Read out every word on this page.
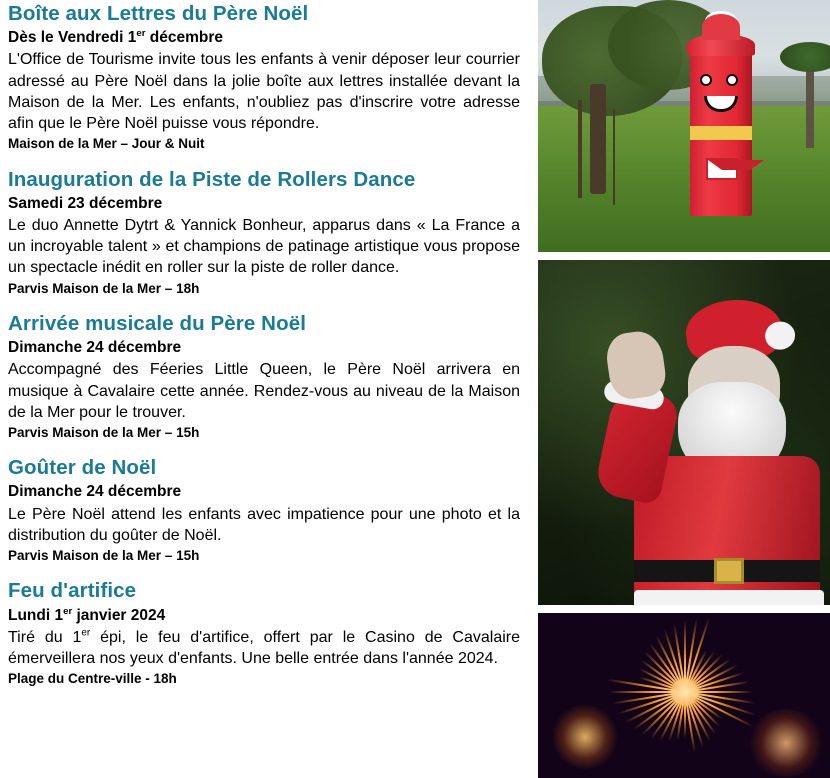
Boîte aux Lettres du Père Noël

Dès le Vendredi 1er décembre

L'Office de Tourisme invite tous les enfants à venir déposer leur courrier adressé au Père Noël dans la jolie boîte aux lettres installée devant la Maison de la Mer. Les enfants, n'oubliez pas d'inscrire votre adresse afin que le Père Noël puisse vous répondre.

Maison de la Mer – Jour & Nuit

Inauguration de la Piste de Rollers Dance

Samedi 23 décembre

Le duo Annette Dytrt & Yannick Bonheur, apparus dans « La France a un incroyable talent » et champions de patinage artistique vous propose un spectacle inédit en roller sur la piste de roller dance.

Parvis Maison de la Mer – 18h

Arrivée musicale du Père Noël

Dimanche 24 décembre

Accompagné des Féeries Little Queen, le Père Noël arrivera en musique à Cavalaire cette année. Rendez-vous au niveau de la Maison de la Mer pour le trouver.

Parvis Maison de la Mer – 15h

Goûter de Noël

Dimanche 24 décembre

Le Père Noël attend les enfants avec impatience pour une photo et la distribution du goûter de Noël.

Parvis Maison de la Mer – 15h

Feu d'artifice

Lundi 1er janvier 2024

Tiré du 1er épi, le feu d'artifice, offert par le Casino de Cavalaire émerveillera nos yeux d'enfants. Une belle entrée dans l'année 2024.

Plage du Centre-ville - 18h
